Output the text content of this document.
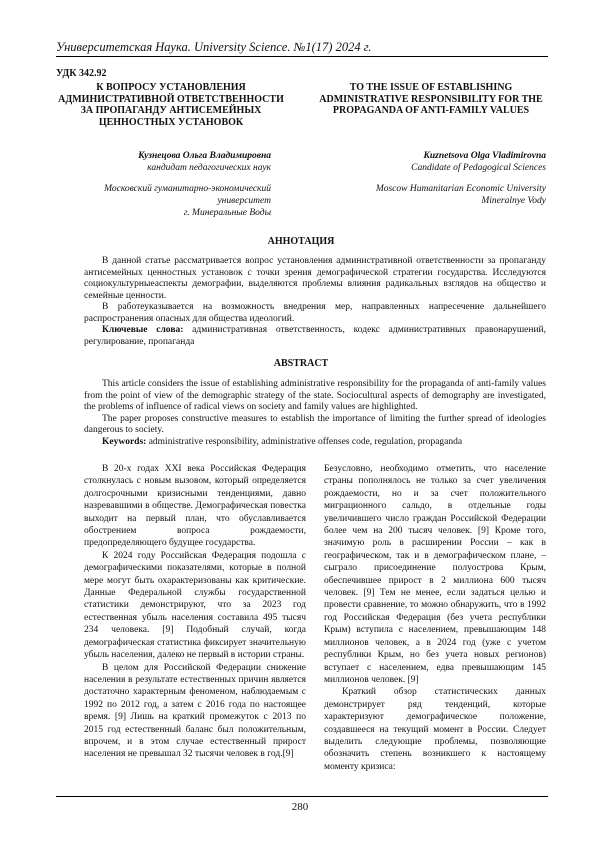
Университетская Наука. University Science. №1(17) 2024 г.
УДК 342.92
К ВОПРОСУ УСТАНОВЛЕНИЯ АДМИНИСТРАТИВНОЙ ОТВЕТСТВЕННОСТИ ЗА ПРОПАГАНДУ АНТИСЕМЕЙНЫХ ЦЕННОСТНЫХ УСТАНОВОК
TO THE ISSUE OF ESTABLISHING ADMINISTRATIVE RESPONSIBILITY FOR THE PROPAGANDA OF ANTI-FAMILY VALUES
Кузнецова Ольга Владимировна
кандидат педагогических наук
Московский гуманитарно-экономический университет
г. Минеральные Воды
Kuznetsova Olga Vladimirovna
Candidate of Pedagogical Sciences
Moscow Humanitarian Economic University
Mineralnye Vody
АННОТАЦИЯ

В данной статье рассматривается вопрос установления административной ответственности за пропаганду антисемейных ценностных установок с точки зрения демографической стратегии государства. Исследуются социокультурныеаспекты демографии, выделяются проблемы влияния радикальных взглядов на общество и семейные ценности.

В работеуказывается на возможность внедрения мер, направленных напресечение дальнейшего распространения опасных для общества идеологий.

Ключевые слова: административная ответственность, кодекс административных правонарушений, регулирование, пропаганда

ABSTRACT

This article considers the issue of establishing administrative responsibility for the propaganda of anti-family values from the point of view of the demographic strategy of the state. Sociocultural aspects of demography are investigated, the problems of influence of radical views on society and family values are highlighted.

The paper proposes constructive measures to establish the importance of limiting the further spread of ideologies dangerous to society.

Keywords: administrative responsibility, administrative offenses code, regulation, propaganda

В 20-х годах XXI века Российская Федерация столкнулась с новым вызовом, который определяется долгосрочными кризисными тенденциями, давно назревавшими в обществе. Демографическая повестка выходит на первый план, что обуславливается обострением вопроса рождаемости, предопределяющего будущее государства.

К 2024 году Российская Федерация подошла с демографическими показателями, которые в полной мере могут быть охарактеризованы как критические. Данные Федеральной службы государственной статистики демонстрируют, что за 2023 год естественная убыль населения составила 495 тысяч 234 человека. [9] Подобный случай, когда демографическая статистика фиксирует значительную убыль населения, далеко не первый в истории страны.

В целом для Российской Федерации снижение населения в результате естественных причин является достаточно характерным феноменом, наблюдаемым с 1992 по 2012 год, а затем с 2016 года по настоящее время. [9] Лишь на краткий промежуток с 2013 по 2015 год естественный баланс был положительным, впрочем, и в этом случае естественный прирост населения не превышал 32 тысячи человек в год.[9]

Безусловно, необходимо отметить, что население страны пополнялось не только за счет увеличения рождаемости, но и за счет положительного миграционного сальдо, в отдельные годы увеличившего число граждан Российской Федерации более чем на 200 тысяч человек. [9] Кроме того, значимую роль в расширении России – как в географическом, так и в демографическом плане, – сыграло присоединение полуострова Крым, обеспечившее прирост в 2 миллиона 600 тысяч человек. [9] Тем не менее, если задаться целью и провести сравнение, то можно обнаружить, что в 1992 год Российская Федерация (без учета республики Крым) вступила с населением, превышающим 148 миллионов человек, а в 2024 год (уже с учетом республики Крым, но без учета новых регионов) вступает с населением, едва превышающим 145 миллионов человек. [9]

Краткий обзор статистических данных демонстрирует ряд тенденций, которые характеризуют демографическое положение, создавшееся на текущий момент в России. Следует выделить следующие проблемы, позволяющие обозначить степень возникшего к настоящему моменту кризиса:

280
